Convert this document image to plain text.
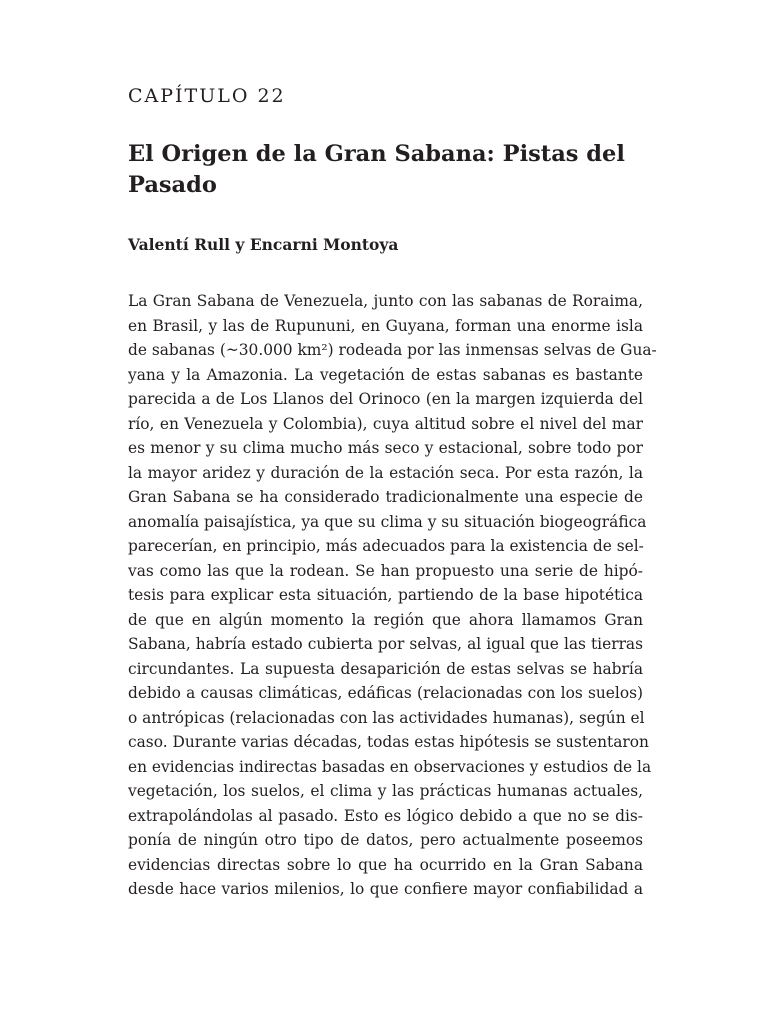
CAPÍTULO 22
El Origen de la Gran Sabana: Pistas del
Pasado
Valentí Rull y Encarni Montoya
La Gran Sabana de Venezuela, junto con las sabanas de Roraima,
en Brasil, y las de Rupununi, en Guyana, forman una enorme isla
de sabanas (~30.000 km²) rodeada por las inmensas selvas de Gua-
yana y la Amazonia. La vegetación de estas sabanas es bastante
parecida a de Los Llanos del Orinoco (en la margen izquierda del
río, en Venezuela y Colombia), cuya altitud sobre el nivel del mar
es menor y su clima mucho más seco y estacional, sobre todo por
la mayor aridez y duración de la estación seca. Por esta razón, la
Gran Sabana se ha considerado tradicionalmente una especie de
anomalía paisajística, ya que su clima y su situación biogeográfica
parecerían, en principio, más adecuados para la existencia de sel-
vas como las que la rodean. Se han propuesto una serie de hipó-
tesis para explicar esta situación, partiendo de la base hipotética
de que en algún momento la región que ahora llamamos Gran
Sabana, habría estado cubierta por selvas, al igual que las tierras
circundantes. La supuesta desaparición de estas selvas se habría
debido a causas climáticas, edáficas (relacionadas con los suelos)
o antrópicas (relacionadas con las actividades humanas), según el
caso. Durante varias décadas, todas estas hipótesis se sustentaron
en evidencias indirectas basadas en observaciones y estudios de la
vegetación, los suelos, el clima y las prácticas humanas actuales,
extrapolándolas al pasado. Esto es lógico debido a que no se dis-
ponía de ningún otro tipo de datos, pero actualmente poseemos
evidencias directas sobre lo que ha ocurrido en la Gran Sabana
desde hace varios milenios, lo que confiere mayor confiabilidad a
